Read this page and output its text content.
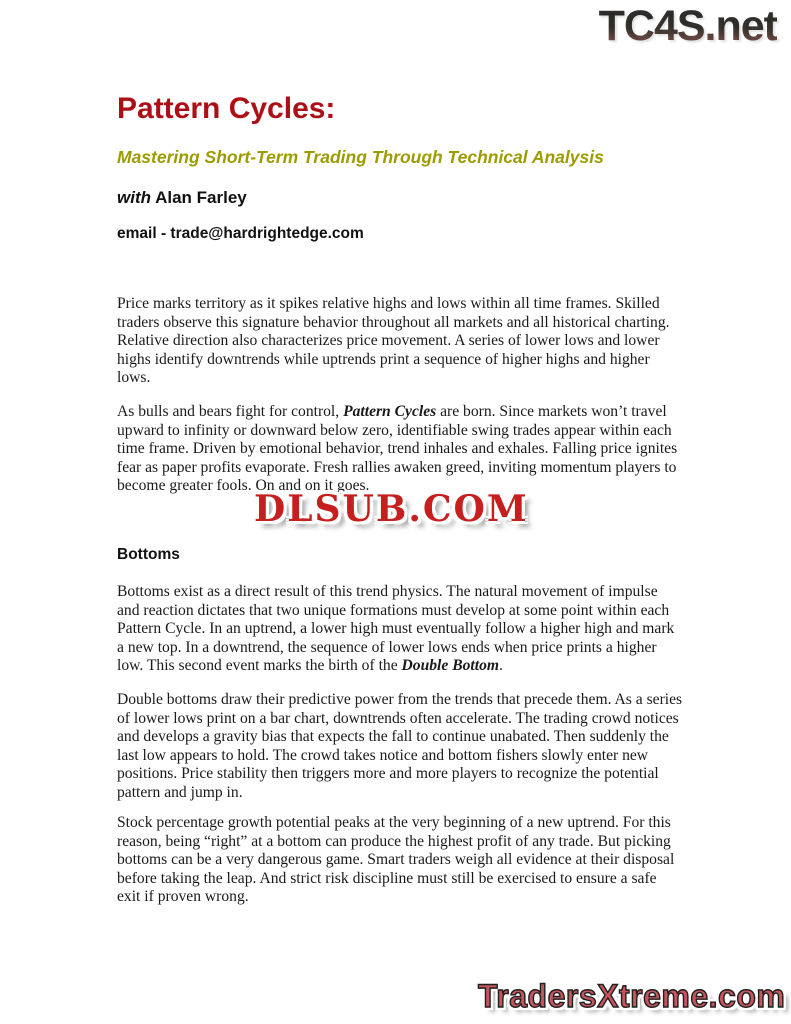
TC4S.net
Pattern Cycles:
Mastering Short-Term Trading Through Technical Analysis
with Alan Farley
email - trade@hardrightedge.com

Price marks territory as it spikes relative highs and lows within all time frames. Skilled traders observe this signature behavior throughout all markets and all historical charting. Relative direction also characterizes price movement. A series of lower lows and lower highs identify downtrends while uptrends print a sequence of higher highs and higher lows.

As bulls and bears fight for control, Pattern Cycles are born. Since markets won’t travel upward to infinity or downward below zero, identifiable swing trades appear within each time frame. Driven by emotional behavior, trend inhales and exhales. Falling price ignites fear as paper profits evaporate. Fresh rallies awaken greed, inviting momentum players to become greater fools. On and on it goes.

DLSUB.COM
Bottoms

Bottoms exist as a direct result of this trend physics. The natural movement of impulse and reaction dictates that two unique formations must develop at some point within each Pattern Cycle. In an uptrend, a lower high must eventually follow a higher high and mark a new top. In a downtrend, the sequence of lower lows ends when price prints a higher low. This second event marks the birth of the Double Bottom.

Double bottoms draw their predictive power from the trends that precede them. As a series of lower lows print on a bar chart, downtrends often accelerate. The trading crowd notices and develops a gravity bias that expects the fall to continue unabated. Then suddenly the last low appears to hold. The crowd takes notice and bottom fishers slowly enter new positions. Price stability then triggers more and more players to recognize the potential pattern and jump in.

Stock percentage growth potential peaks at the very beginning of a new uptrend. For this reason, being “right” at a bottom can produce the highest profit of any trade. But picking bottoms can be a very dangerous game. Smart traders weigh all evidence at their disposal before taking the leap. And strict risk discipline must still be exercised to ensure a safe exit if proven wrong.

TradersXtreme.com
